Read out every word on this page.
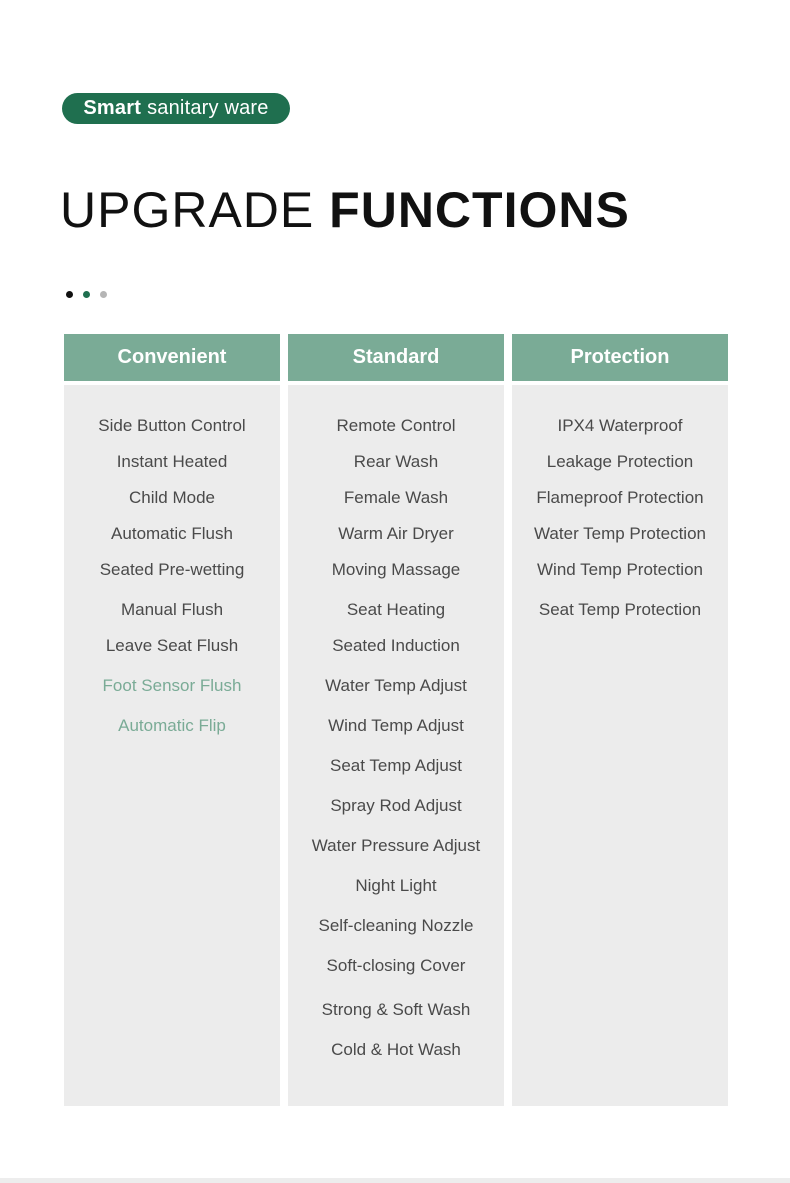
Smart sanitary ware
UPGRADE FUNCTIONS
Convenient
Side Button Control
Instant Heated
Child Mode
Automatic Flush
Seated Pre-wetting
Manual Flush
Leave Seat Flush
Foot Sensor Flush
Automatic Flip
Standard
Remote Control
Rear Wash
Female Wash
Warm Air Dryer
Moving Massage
Seat Heating
Seated Induction
Water Temp Adjust
Wind Temp Adjust
Seat Temp Adjust
Spray Rod Adjust
Water Pressure Adjust
Night Light
Self-cleaning Nozzle
Soft-closing Cover
Strong & Soft Wash
Cold & Hot Wash
Protection
IPX4 Waterproof
Leakage Protection
Flameproof Protection
Water Temp Protection
Wind Temp Protection
Seat Temp Protection
